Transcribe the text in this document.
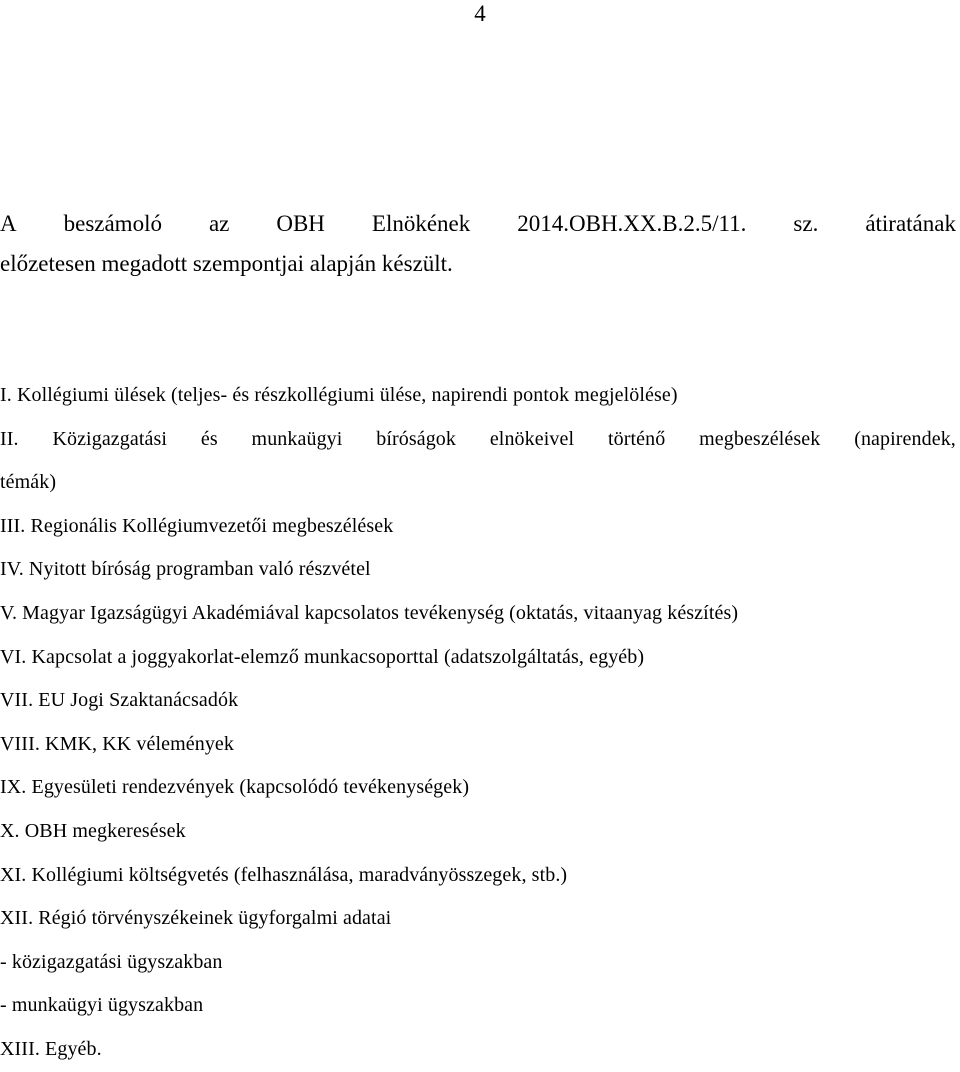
4
A beszámoló az OBH Elnökének 2014.OBH.XX.B.2.5/11. sz. átiratának
előzetesen megadott szempontjai alapján készült.
I. Kollégiumi ülések (teljes- és részkollégiumi ülése, napirendi pontok megjelölése)
II. Közigazgatási és munkaügyi bíróságok elnökeivel történő megbeszélések (napirendek,
témák)
III. Regionális Kollégiumvezetői megbeszélések
IV. Nyitott bíróság programban való részvétel
V. Magyar Igazságügyi Akadémiával kapcsolatos tevékenység (oktatás, vitaanyag készítés)
VI. Kapcsolat a joggyakorlat-elemző munkacsoporttal (adatszolgáltatás, egyéb)
VII. EU Jogi Szaktanácsadók
VIII. KMK, KK vélemények
IX. Egyesületi rendezvények (kapcsolódó tevékenységek)
X. OBH megkeresések
XI. Kollégiumi költségvetés (felhasználása, maradványösszegek, stb.)
XII. Régió törvényszékeinek ügyforgalmi adatai
- közigazgatási ügyszakban
- munkaügyi ügyszakban
XIII. Egyéb.
